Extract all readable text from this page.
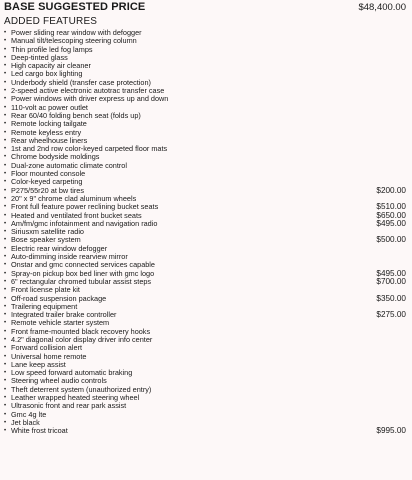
BASE SUGGESTED PRICE	$48,400.00
ADDED FEATURES
• Power sliding rear window with defogger
• Manual tilt/telescoping steering column
• Thin profile led fog lamps
• Deep-tinted glass
• High capacity air cleaner
• Led cargo box lighting
• Underbody shield (transfer case protection)
• 2-speed active electronic autotrac transfer case
• Power windows with driver express up and down
• 110-volt ac power outlet
• Rear 60/40 folding bench seat (folds up)
• Remote locking tailgate
• Remote keyless entry
• Rear wheelhouse liners
• 1st and 2nd row color-keyed carpeted floor mats
• Chrome bodyside moldings
• Dual-zone automatic climate control
• Floor mounted console
• Color-keyed carpeting
• P275/55r20 at bw tires	$200.00
• 20" x 9" chrome clad aluminum wheels
• Front full feature power reclining bucket seats	$510.00
• Heated and ventilated front bucket seats	$650.00
• Am/fm/gmc infotainment and navigation radio	$495.00
• Siriusxm satellite radio
• Bose speaker system	$500.00
• Electric rear window defogger
• Auto-dimming inside rearview mirror
• Onstar and gmc connected services capable
• Spray-on pickup box bed liner with gmc logo	$495.00
• 6" rectangular chromed tubular assist steps	$700.00
• Front license plate kit
• Off-road suspension package	$350.00
• Trailering equipment
• Integrated trailer brake controller	$275.00
• Remote vehicle starter system
• Front frame-mounted black recovery hooks
• 4.2" diagonal color display driver info center
• Forward collision alert
• Universal home remote
• Lane keep assist
• Low speed forward automatic braking
• Steering wheel audio controls
• Theft deterrent system (unauthorized entry)
• Leather wrapped heated steering wheel
• Ultrasonic front and rear park assist
• Gmc 4g lte
• Jet black
• White frost tricoat	$995.00
